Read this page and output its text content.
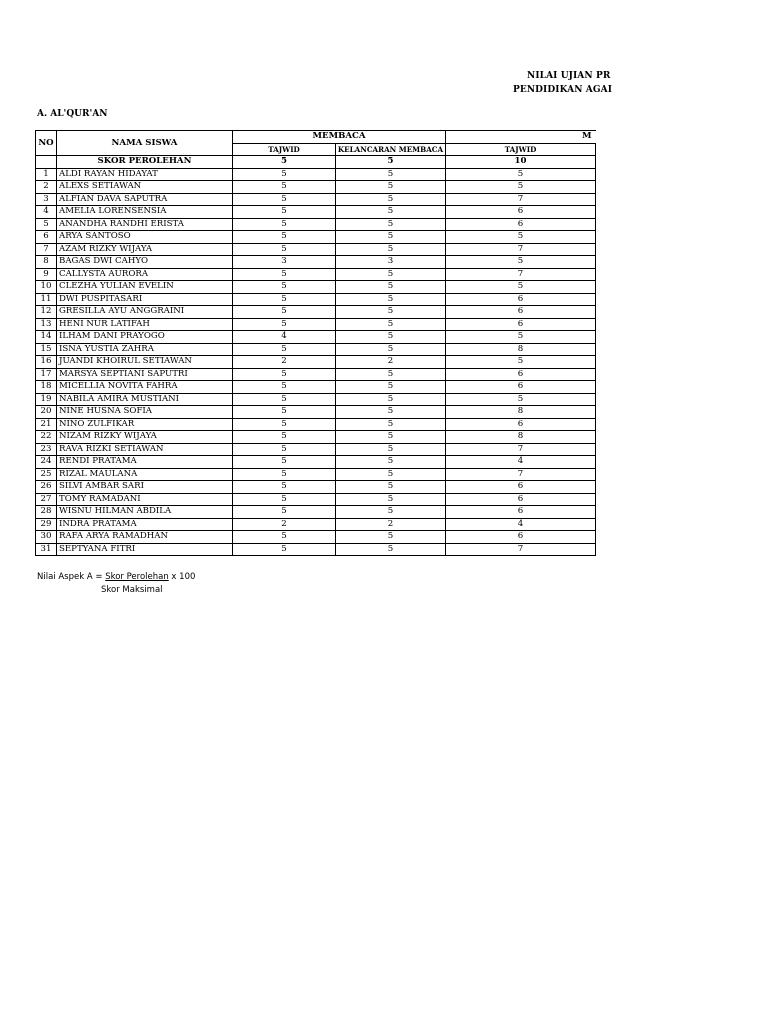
NILAI UJIAN PR
PENDIDIKAN AGAI
A. AL'QUR'AN
NO	NAMA SISWA	MEMBACA		M
		TAJWID	KELANCARAN MEMBACA	TAJWID
	SKOR PEROLEHAN	5	5	10
1	ALDI RAYAN HIDAYAT	5	5	5
2	ALEXS SETIAWAN	5	5	5
3	ALFIAN DAVA SAPUTRA	5	5	7
4	AMELIA LORENSENSIA	5	5	6
5	ANANDHA RANDHI ERISTA	5	5	6
6	ARYA SANTOSO	5	5	5
7	AZAM RIZKY WIJAYA	5	5	7
8	BAGAS DWI CAHYO	3	3	5
9	CALLYSTA AURORA	5	5	7
10	CLEZHA YULIAN EVELIN	5	5	5
11	DWI PUSPITASARI	5	5	6
12	GRESILLA AYU ANGGRAINI	5	5	6
13	HENI NUR LATIFAH	5	5	6
14	ILHAM DANI PRAYOGO	4	5	5
15	ISNA YUSTIA ZAHRA	5	5	8
16	JUANDI KHOIRUL SETIAWAN	2	2	5
17	MARSYA SEPTIANI SAPUTRI	5	5	6
18	MICELLIA NOVITA FAHRA	5	5	6
19	NABILA AMIRA MUSTIANI	5	5	5
20	NINE HUSNA SOFIA	5	5	8
21	NINO ZULFIKAR	5	5	6
22	NIZAM RIZKY WIJAYA	5	5	8
23	RAVA RIZKI SETIAWAN	5	5	7
24	RENDI PRATAMA	5	5	4
25	RIZAL MAULANA	5	5	7
26	SILVI AMBAR SARI	5	5	6
27	TOMY RAMADANI	5	5	6
28	WISNU HILMAN ABDILA	5	5	6
29	INDRA PRATAMA	2	2	4
30	RAFA ARYA RAMADHAN	5	5	6
31	SEPTYANA FITRI	5	5	7
Nilai Aspek A = Skor Perolehan x 100
Skor Maksimal
